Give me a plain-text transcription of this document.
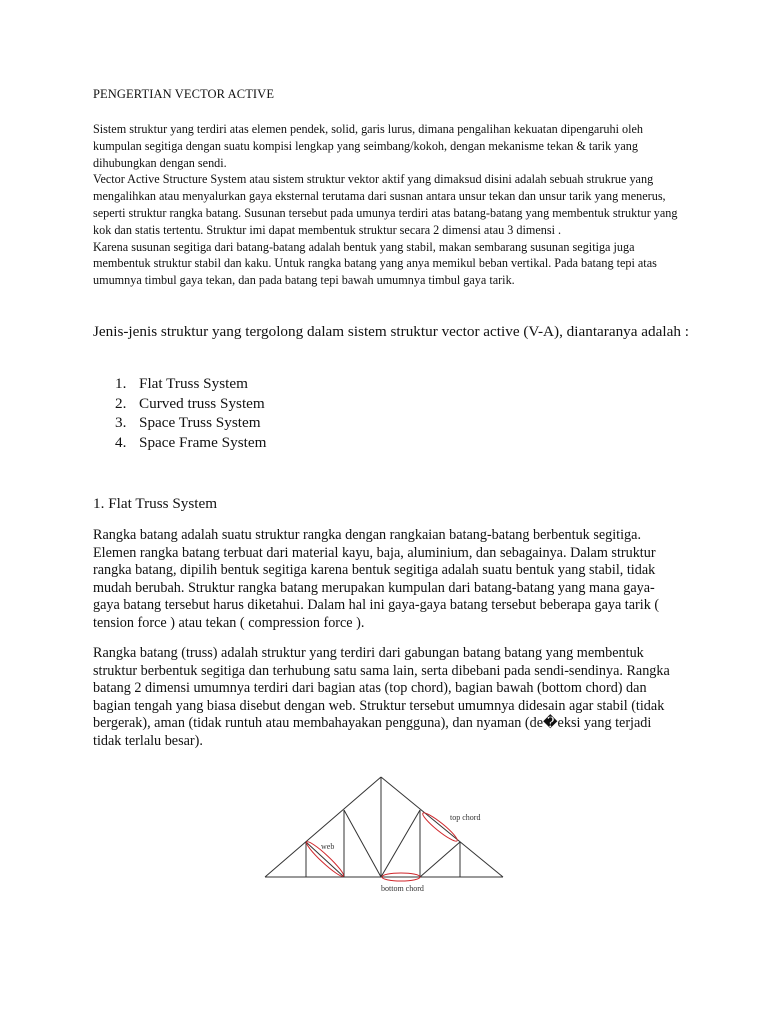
PENGERTIAN VECTOR ACTIVE

Sistem struktur yang terdiri atas elemen pendek, solid, garis lurus, dimana pengalihan kekuatan dipengaruhi oleh kumpulan segitiga dengan suatu kompisi lengkap yang seimbang/kokoh, dengan mekanisme tekan & tarik yang dihubungkan dengan sendi.

Vector Active Structure System atau sistem struktur vektor aktif yang dimaksud disini adalah sebuah strukrue yang mengalihkan atau menyalurkan gaya eksternal terutama dari susnan antara unsur tekan dan unsur tarik yang menerus, seperti struktur rangka batang. Susunan tersebut pada umunya terdiri atas batang-batang yang membentuk struktur yang kok dan statis tertentu. Struktur imi dapat membentuk struktur secara 2 dimensi atau 3 dimensi .

Karena susunan segitiga dari batang-batang adalah bentuk yang stabil, makan sembarang susunan segitiga juga membentuk struktur stabil dan kaku. Untuk rangka batang yang anya memikul beban vertikal. Pada batang tepi atas umumnya timbul gaya tekan, dan pada batang tepi bawah umumnya timbul gaya tarik.

Jenis-jenis struktur yang tergolong dalam sistem struktur vector active (V-A), diantaranya adalah :
1. Flat Truss System
2. Curved truss System
3. Space Truss System
4. Space Frame System
1. Flat Truss System

Rangka batang adalah suatu struktur rangka dengan rangkaian batang-batang berbentuk segitiga. Elemen rangka batang terbuat dari material kayu, baja, aluminium, dan sebagainya. Dalam struktur rangka batang, dipilih bentuk segitiga karena bentuk segitiga adalah suatu bentuk yang stabil, tidak mudah berubah. Struktur rangka batang merupakan kumpulan dari batang-batang yang mana gaya-gaya batang tersebut harus diketahui. Dalam hal ini gaya-gaya batang tersebut beberapa gaya tarik ( tension force ) atau tekan ( compression force ).

Rangka batang (truss) adalah struktur yang terdiri dari gabungan batang batang yang membentuk struktur berbentuk segitiga dan terhubung satu sama lain, serta dibebani pada sendi-sendinya. Rangka batang 2 dimensi umumnya terdiri dari bagian atas (top chord), bagian bawah (bottom chord) dan bagian tengah yang biasa disebut dengan web. Struktur tersebut umumnya didesain agar stabil (tidak bergerak), aman (tidak runtuh atau membahayakan pengguna), dan nyaman (de�eksi yang terjadi tidak terlalu besar).

top chord
web
bottom chord
